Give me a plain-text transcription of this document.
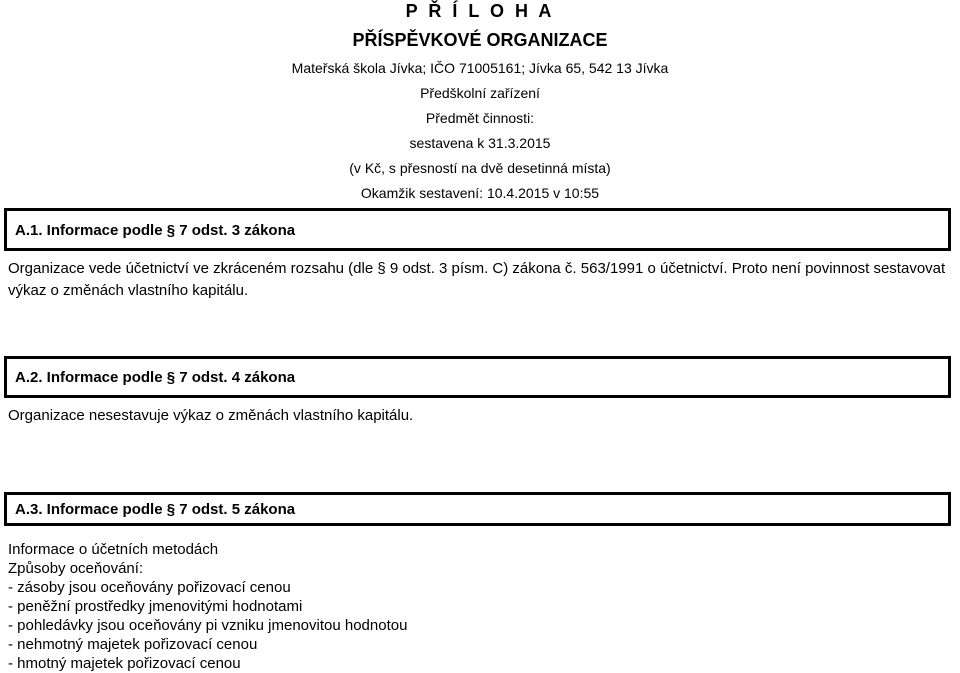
P Ř Í L O H A
PŘÍSPĚVKOVÉ ORGANIZACE
Mateřská škola Jívka; IČO 71005161; Jívka 65, 542 13 Jívka
Předškolní zařízení
Předmět činnosti:
sestavena k 31.3.2015
(v Kč, s přesností na dvě desetinná místa)
Okamžik sestavení: 10.4.2015 v 10:55
A.1. Informace podle § 7 odst. 3 zákona
Organizace vede účetnictví ve zkráceném rozsahu (dle § 9 odst. 3 písm. C) zákona č. 563/1991 o účetnictví. Proto není povinnost sestavovat výkaz o změnách vlastního kapitálu.
A.2. Informace podle § 7 odst. 4 zákona
Organizace nesestavuje výkaz o změnách vlastního kapitálu.
A.3. Informace podle § 7 odst. 5 zákona
Informace o účetních metodách
Způsoby oceňování:
- zásoby jsou oceňovány pořizovací cenou
- peněžní prostředky jmenovitými hodnotami
- pohledávky jsou oceňovány pi vzniku jmenovitou hodnotou
- nehmotný majetek pořizovací cenou
- hmotný majetek pořizovací cenou
